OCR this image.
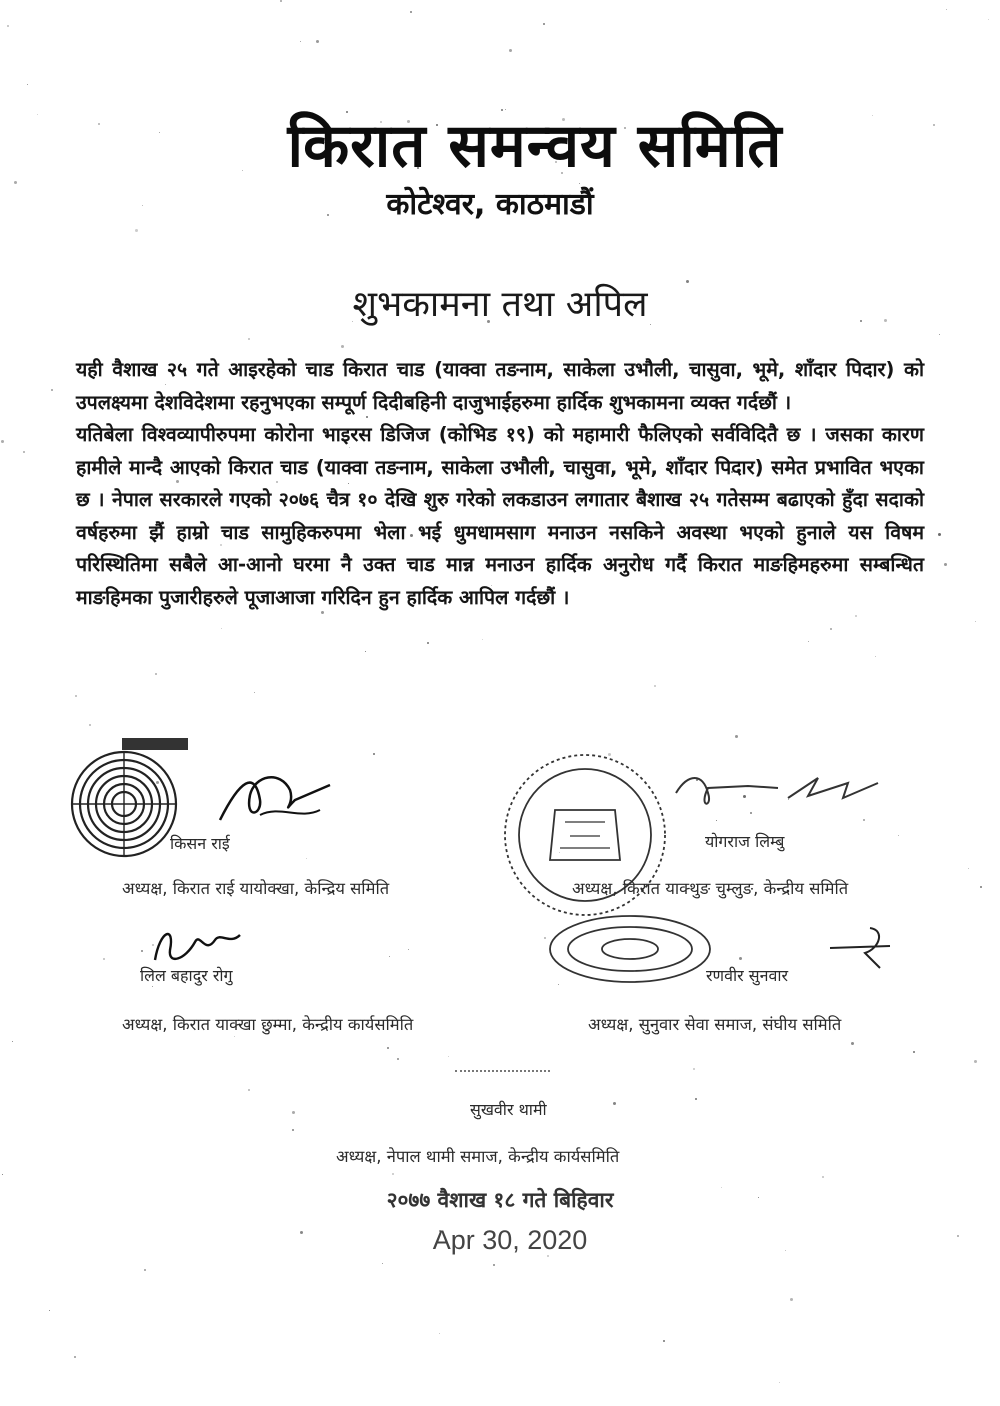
किरात समन्वय समिति
कोटेश्वर, काठमाडौं
शुभकामना तथा अपिल

यही वैशाख २५ गते आइरहेको चाड किरात चाड (याक्वा तङनाम, साकेला उभौली, चासुवा, भूमे, शाँदार पिदार) को उपलक्ष्यमा देशविदेशमा रहनुभएका सम्पूर्ण दिदीबहिनी दाजुभाईहरुमा हार्दिक शुभकामना व्यक्त गर्दछौं ।

यतिबेला विश्वव्यापीरुपमा कोरोना भाइरस डिजिज (कोभिड १९) को महामारी फैलिएको सर्वविदितै छ । जसका कारण हामीले मान्दै आएको किरात चाड (याक्वा तङनाम, साकेला उभौली, चासुवा, भूमे, शाँदार पिदार) समेत प्रभावित भएका छ । नेपाल सरकारले गएको २०७६ चैत्र १० देखि शुरु गरेको लकडाउन लगातार बैशाख २५ गतेसम्म बढाएको हुँदा सदाको वर्षहरुमा झैं हाम्रो चाड सामुहिकरुपमा भेला भई धुमधामसाग मनाउन नसकिने अवस्था भएको हुनाले यस विषम परिस्थितिमा सबैले आ-आनो घरमा नै उक्त चाड मान्न मनाउन हार्दिक अनुरोध गर्दै किरात माङहिमहरुमा सम्बन्धित माङहिमका पुजारीहरुले पूजाआजा गरिदिन हुन हार्दिक आपिल गर्दछौं ।

किसन राई
अध्यक्ष, किरात राई यायोक्खा, केन्द्रिय समिति
योगराज लिम्बु
अध्यक्ष, किरात याक्थुङ चुम्लुङ, केन्द्रीय समिति
लिल बहादुर रोगु
अध्यक्ष, किरात याक्खा छुम्मा, केन्द्रीय कार्यसमिति
रणवीर सुनवार
अध्यक्ष, सुनुवार सेवा समाज, संघीय समिति
सुखवीर थामी
अध्यक्ष, नेपाल थामी समाज, केन्द्रीय कार्यसमिति
२०७७ वैशाख १८ गते बिहिवार
Apr 30, 2020
